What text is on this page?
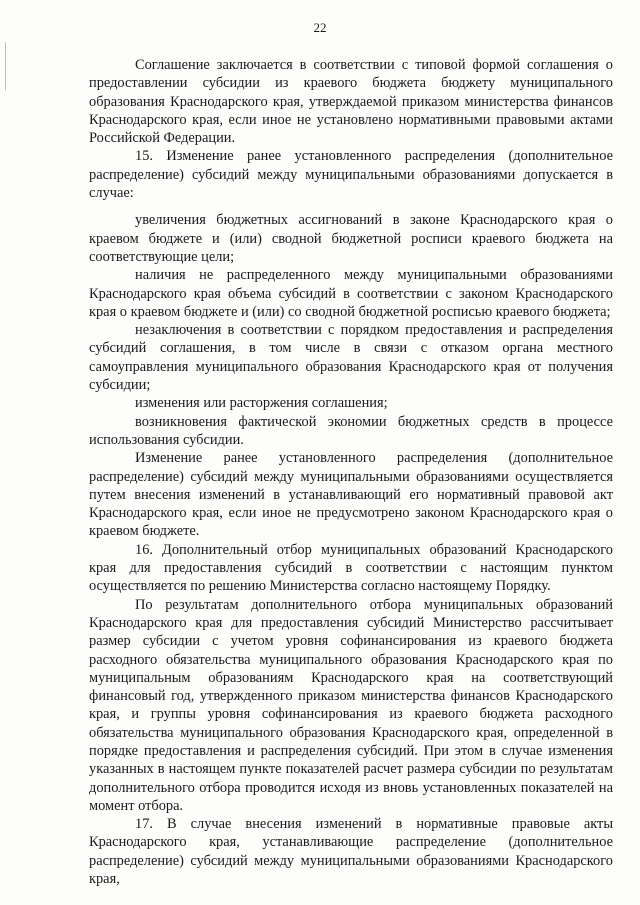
22

Соглашение заключается в соответствии с типовой формой соглашения о предоставлении субсидии из краевого бюджета бюджету муниципального образования Краснодарского края, утверждаемой приказом министерства финансов Краснодарского края, если иное не установлено нормативными правовыми актами Российской Федерации.

15. Изменение ранее установленного распределения (дополнительное распределение) субсидий между муниципальными образованиями допускается в случае:

увеличения бюджетных ассигнований в законе Краснодарского края о краевом бюджете и (или) сводной бюджетной росписи краевого бюджета на соответствующие цели;

наличия не распределенного между муниципальными образованиями Краснодарского края объема субсидий в соответствии с законом Краснодарского края о краевом бюджете и (или) со сводной бюджетной росписью краевого бюджета;

незаключения в соответствии с порядком предоставления и распределения субсидий соглашения, в том числе в связи с отказом органа местного самоуправления муниципального образования Краснодарского края от получения субсидии;

изменения или расторжения соглашения;

возникновения фактической экономии бюджетных средств в процессе использования субсидии.

Изменение ранее установленного распределения (дополнительное распределение) субсидий между муниципальными образованиями осуществляется путем внесения изменений в устанавливающий его нормативный правовой акт Краснодарского края, если иное не предусмотрено законом Краснодарского края о краевом бюджете.

16. Дополнительный отбор муниципальных образований Краснодарского края для предоставления субсидий в соответствии с настоящим пунктом осуществляется по решению Министерства согласно настоящему Порядку.

По результатам дополнительного отбора муниципальных образований Краснодарского края для предоставления субсидий Министерство рассчитывает размер субсидии с учетом уровня софинансирования из краевого бюджета расходного обязательства муниципального образования Краснодарского края по муниципальным образованиям Краснодарского края на соответствующий финансовый год, утвержденного приказом министерства финансов Краснодарского края, и группы уровня софинансирования из краевого бюджета расходного обязательства муниципального образования Краснодарского края, определенной в порядке предоставления и распределения субсидий. При этом в случае изменения указанных в настоящем пункте показателей расчет размера субсидии по результатам дополнительного отбора проводится исходя из вновь установленных показателей на момент отбора.

17. В случае внесения изменений в нормативные правовые акты Краснодарского края, устанавливающие распределение (дополнительное распределение) субсидий между муниципальными образованиями Краснодарского края,
